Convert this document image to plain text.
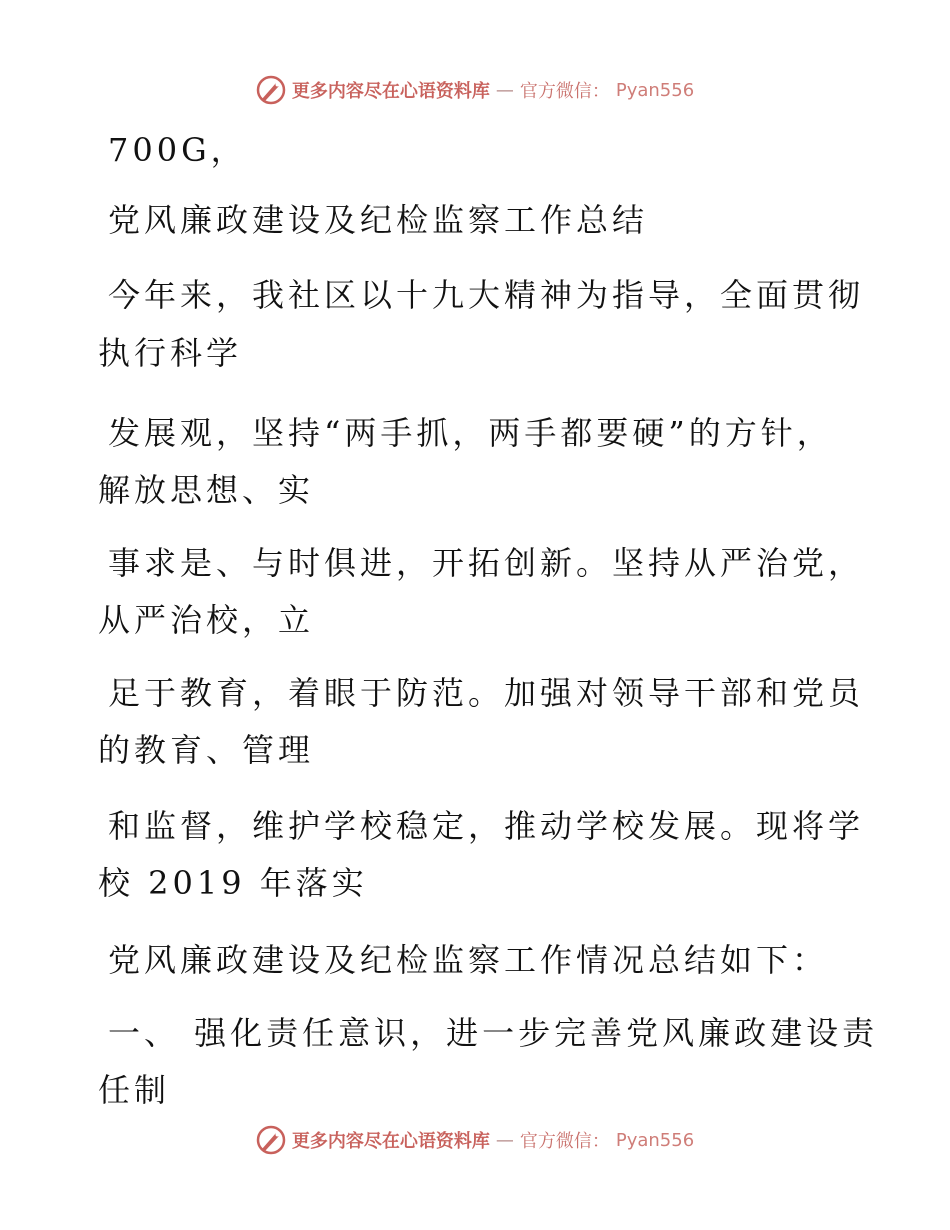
更多内容尽在心语资料库 — 官方微信： Pyan556
700G，
党风廉政建设及纪检监察工作总结
今年来，我社区以十九大精神为指导，全面贯彻
执行科学
发展观，坚持“两手抓，两手都要硬”的方针，
解放思想、实
事求是、与时俱进，开拓创新。坚持从严治党，
从严治校，立
足于教育，着眼于防范。加强对领导干部和党员
的教育、管理
和监督，维护学校稳定，推动学校发展。现将学
校 2019 年落实
党风廉政建设及纪检监察工作情况总结如下：
一、 强化责任意识，进一步完善党风廉政建设责
任制
更多内容尽在心语资料库 — 官方微信： Pyan556
